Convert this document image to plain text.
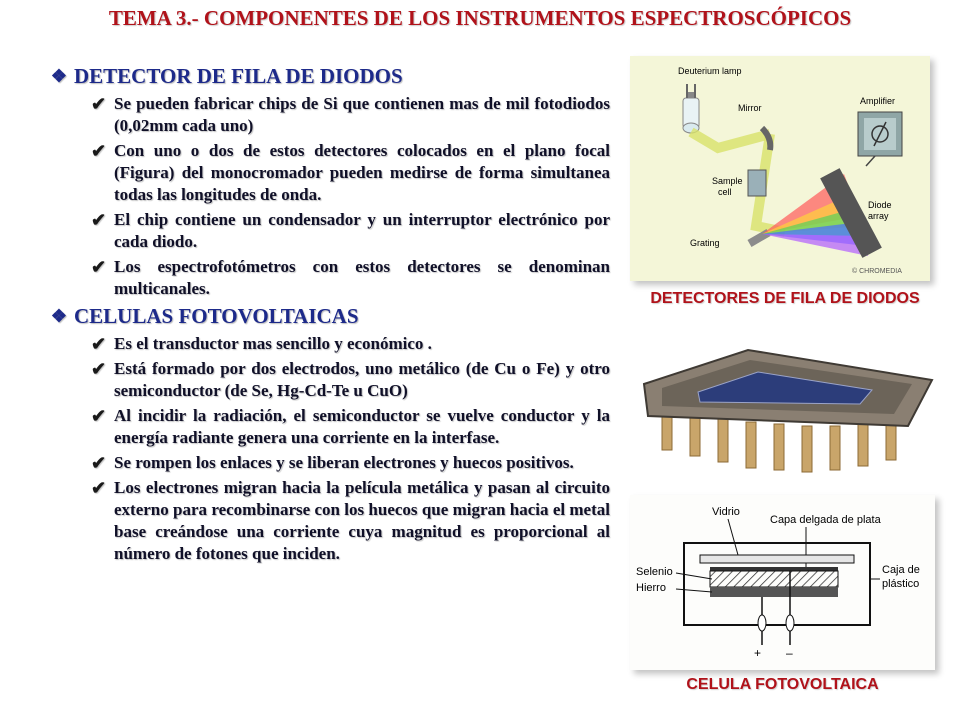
TEMA 3.- COMPONENTES DE LOS INSTRUMENTOS ESPECTROSCÓPICOS
❖ DETECTOR DE FILA DE DIODOS
✔ Se pueden fabricar chips de Si que contienen mas de mil fotodiodos (0,02mm cada uno)
✔ Con uno o dos de estos detectores colocados en el plano focal (Figura) del monocromador pueden medirse de forma simultanea todas las longitudes de onda.
✔ El chip contiene un condensador y un interruptor electrónico por cada diodo.
✔ Los espectrofotómetros con estos detectores se denominan multicanales.
❖ CELULAS FOTOVOLTAICAS
✔ Es el transductor mas sencillo y económico .
✔ Está formado por dos electrodos, uno metálico (de Cu o Fe) y otro semiconductor (de Se, Hg-Cd-Te u CuO)
✔ Al incidir la radiación, el semiconductor se vuelve conductor y la energía radiante genera una corriente en la interfase.
✔ Se rompen los enlaces y se liberan electrones y huecos positivos.
✔ Los electrones migran hacia la película metálica y pasan al circuito externo para recombinarse con los huecos que migran hacia el metal base creándose una corriente cuya magnitud es proporcional al número de fotones que inciden.
Deuterium lamp
Mirror
Sample
cell
Grating
Diode
array
Amplifier
© CHROMEDIA
DETECTORES DE FILA DE DIODOS
Vidrio
Capa delgada de plata
Selenio
Hierro
Caja de
plástico
+ –
CELULA FOTOVOLTAICA
